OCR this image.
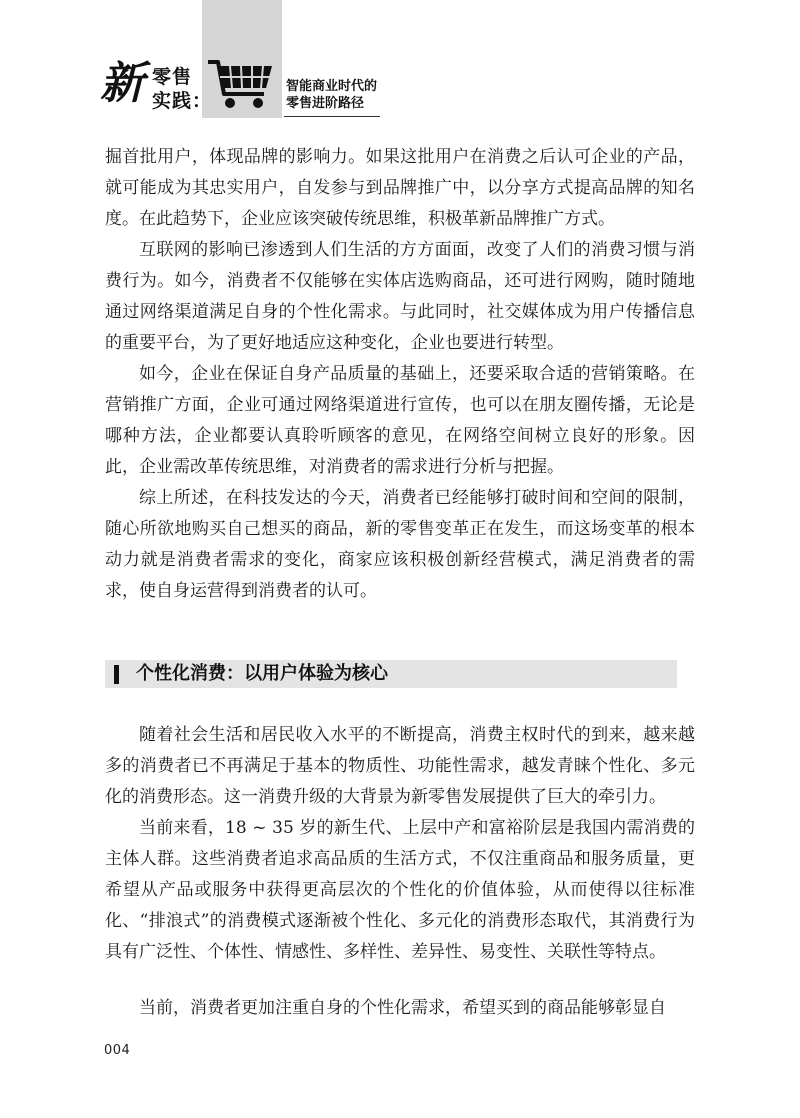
新 零售
实践：
智能商业时代的
零售进阶路径

掘首批用户，体现品牌的影响力。如果这批用户在消费之后认可企业的产品，就可能成为其忠实用户，自发参与到品牌推广中，以分享方式提高品牌的知名度。在此趋势下，企业应该突破传统思维，积极革新品牌推广方式。

互联网的影响已渗透到人们生活的方方面面，改变了人们的消费习惯与消费行为。如今，消费者不仅能够在实体店选购商品，还可进行网购，随时随地通过网络渠道满足自身的个性化需求。与此同时，社交媒体成为用户传播信息的重要平台，为了更好地适应这种变化，企业也要进行转型。

如今，企业在保证自身产品质量的基础上，还要采取合适的营销策略。在营销推广方面，企业可通过网络渠道进行宣传，也可以在朋友圈传播，无论是哪种方法，企业都要认真聆听顾客的意见，在网络空间树立良好的形象。因此，企业需改革传统思维，对消费者的需求进行分析与把握。

综上所述，在科技发达的今天，消费者已经能够打破时间和空间的限制，随心所欲地购买自己想买的商品，新的零售变革正在发生，而这场变革的根本动力就是消费者需求的变化，商家应该积极创新经营模式，满足消费者的需求，使自身运营得到消费者的认可。

个性化消费：以用户体验为核心

随着社会生活和居民收入水平的不断提高，消费主权时代的到来，越来越多的消费者已不再满足于基本的物质性、功能性需求，越发青睐个性化、多元化的消费形态。这一消费升级的大背景为新零售发展提供了巨大的牵引力。

当前来看，18 ~ 35 岁的新生代、上层中产和富裕阶层是我国内需消费的主体人群。这些消费者追求高品质的生活方式，不仅注重商品和服务质量，更希望从产品或服务中获得更高层次的个性化的价值体验，从而使得以往标准化、“排浪式”的消费模式逐渐被个性化、多元化的消费形态取代，其消费行为具有广泛性、个体性、情感性、多样性、差异性、易变性、关联性等特点。

当前，消费者更加注重自身的个性化需求，希望买到的商品能够彰显自

004
